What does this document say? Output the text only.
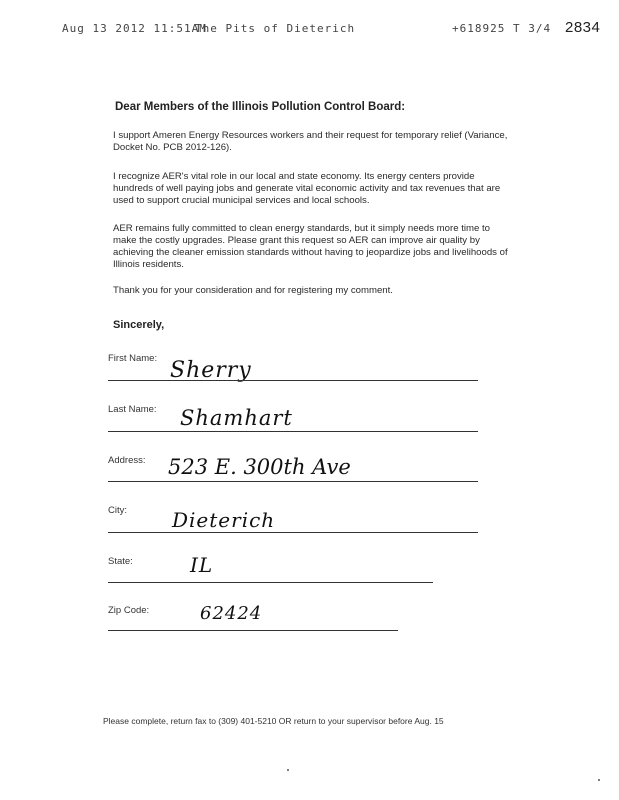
Aug 13 2012 11:51AM
The Pits of Dieterich	+618925 T 3/4 2834
Dear Members of the Illinois Pollution Control Board:
I support Ameren Energy Resources workers and their request for temporary relief (Variance, Docket No. PCB 2012-126).
I recognize AER's vital role in our local and state economy. Its energy centers provide hundreds of well paying jobs and generate vital economic activity and tax revenues that are used to support crucial municipal services and local schools.
AER remains fully committed to clean energy standards, but it simply needs more time to make the costly upgrades. Please grant this request so AER can improve air quality by achieving the cleaner emission standards without having to jeopardize jobs and livelihoods of Illinois residents.
Thank you for your consideration and for registering my comment.
Sincerely,
First Name: Sherry
Last Name: Shamhart
Address: 523 E. 300th Ave
City: Dieterich
State:	IL
Zip Code:	62424
Please complete, return fax to (309) 401-5210 OR return to your supervisor before Aug. 15
